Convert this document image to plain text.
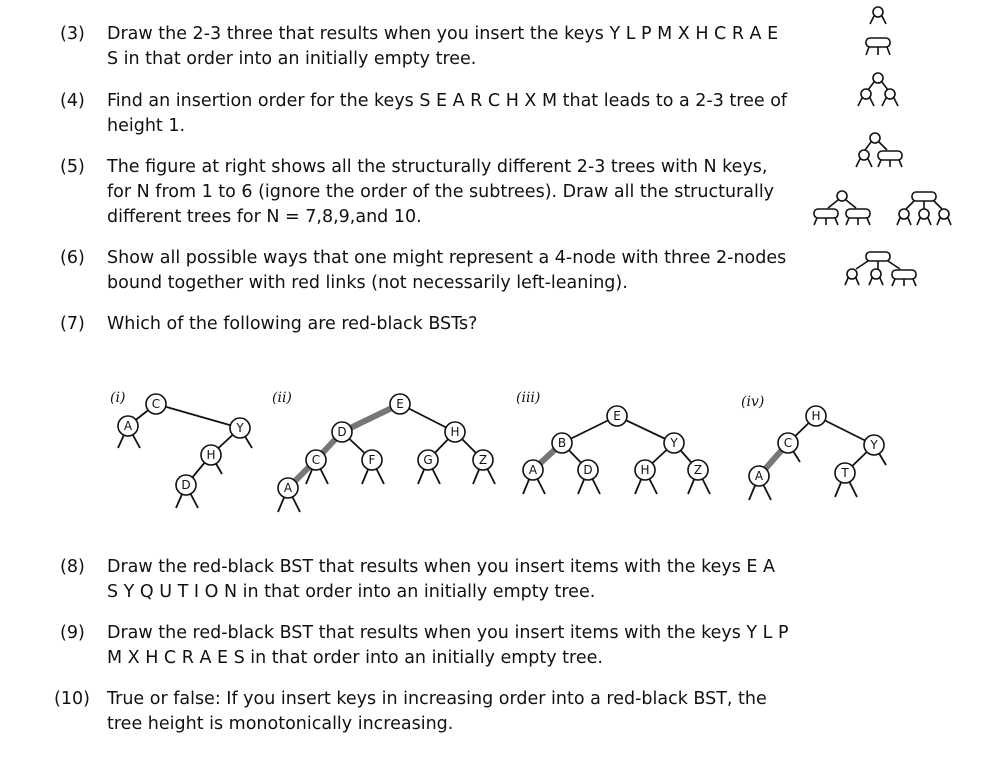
(3) Draw the 2-3 three that results when you insert the keys Y L P M X H C R A E S in that order into an initially empty tree.
(4) Find an insertion order for the keys S E A R C H X M that leads to a 2-3 tree of height 1.
(5) The figure at right shows all the structurally different 2-3 trees with N keys, for N from 1 to 6 (ignore the order of the subtrees). Draw all the structurally different trees for N = 7,8,9,and 10.
(6) Show all possible ways that one might represent a 4-node with three 2-nodes bound together with red links (not necessarily left-leaning).
(7) Which of the following are red-black BSTs?
(8) Draw the red-black BST that results when you insert items with the keys E A S Y Q U T I O N in that order into an initially empty tree.
(9) Draw the red-black BST that results when you insert items with the keys Y L P M X H C R A E S in that order into an initially empty tree.
(10) True or false: If you insert keys in increasing order into a red-black BST, the tree height is monotonically increasing.
(i)	(ii)	(iii)	(iv)
C
A	Y
H
D
E
D
C
A
F
H
G	Z
E
B
A	D
Y
H	Z
H
C
A
Y
T
